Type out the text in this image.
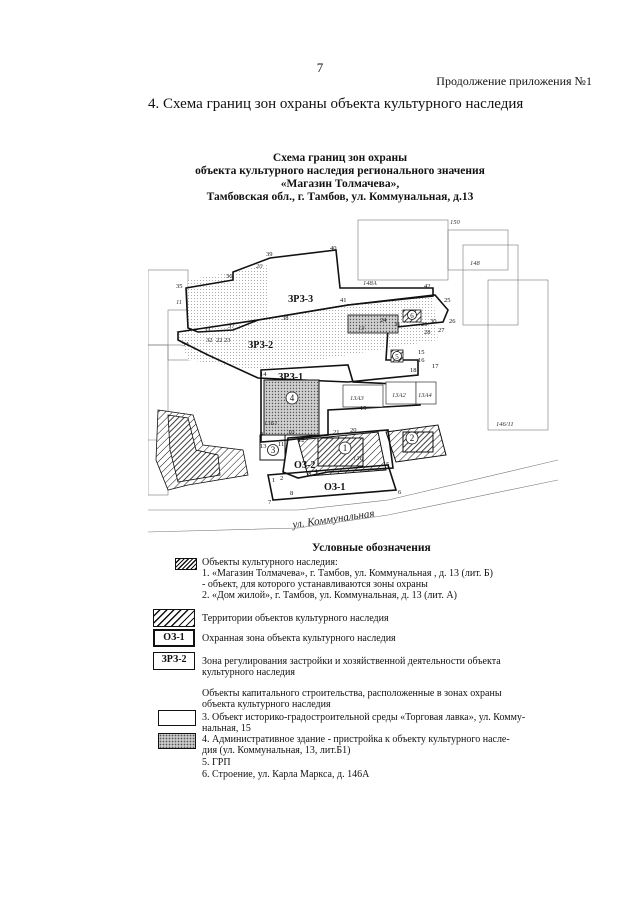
7
Продолжение приложения №1
4. Схема границ зон охраны объекта культурного наследия
Схема границ зон охраны
объекта культурного наследия регионального значения
«Магазин Толмачева»,
Тамбовская обл., г. Тамбов, ул. Коммунальная, д.13
4
3	1
2
5
6
ЗРЗ-3
ЗРЗ-2
ЗРЗ-1
ОЗ-2
ОЗ-1
148А
13А3	13А2 13А4
146/11
13Б
13
150
148
20
11
13Б1
ул. Коммунальная
1 2
3 4
5
6
7
8
9	10
11
12
13
14
15
16
17
18
19
20
21
22 23
24
25
26
27
28
29 30
31
32
33
34
35
36
37
38
39
40
41
42
Условные обозначения
Объекты культурного наследия:
1. «Магазин Толмачева», г. Тамбов, ул. Коммунальная , д. 13 (лит. Б)
- объект, для которого устанавливаются зоны охраны
2. «Дом жилой», г. Тамбов, ул. Коммунальная, д. 13 (лит. А)
Территории объектов культурного наследия
ОЗ-1	Охранная зона объекта культурного наследия
ЗРЗ-2	Зона регулирования застройки и хозяйственной деятельности объекта
культурного наследия
Объекты капитального строительства, расположенные в зонах охраны
объекта культурного наследия
3. Объект историко-градостроительной среды «Торговая лавка», ул. Комму-
нальная, 15
4. Административное здание - пристройка к объекту культурного насле-
дия (ул. Коммунальная, 13, лит.Б1)
5. ГРП
6. Строение, ул. Карла Маркса, д. 146А
